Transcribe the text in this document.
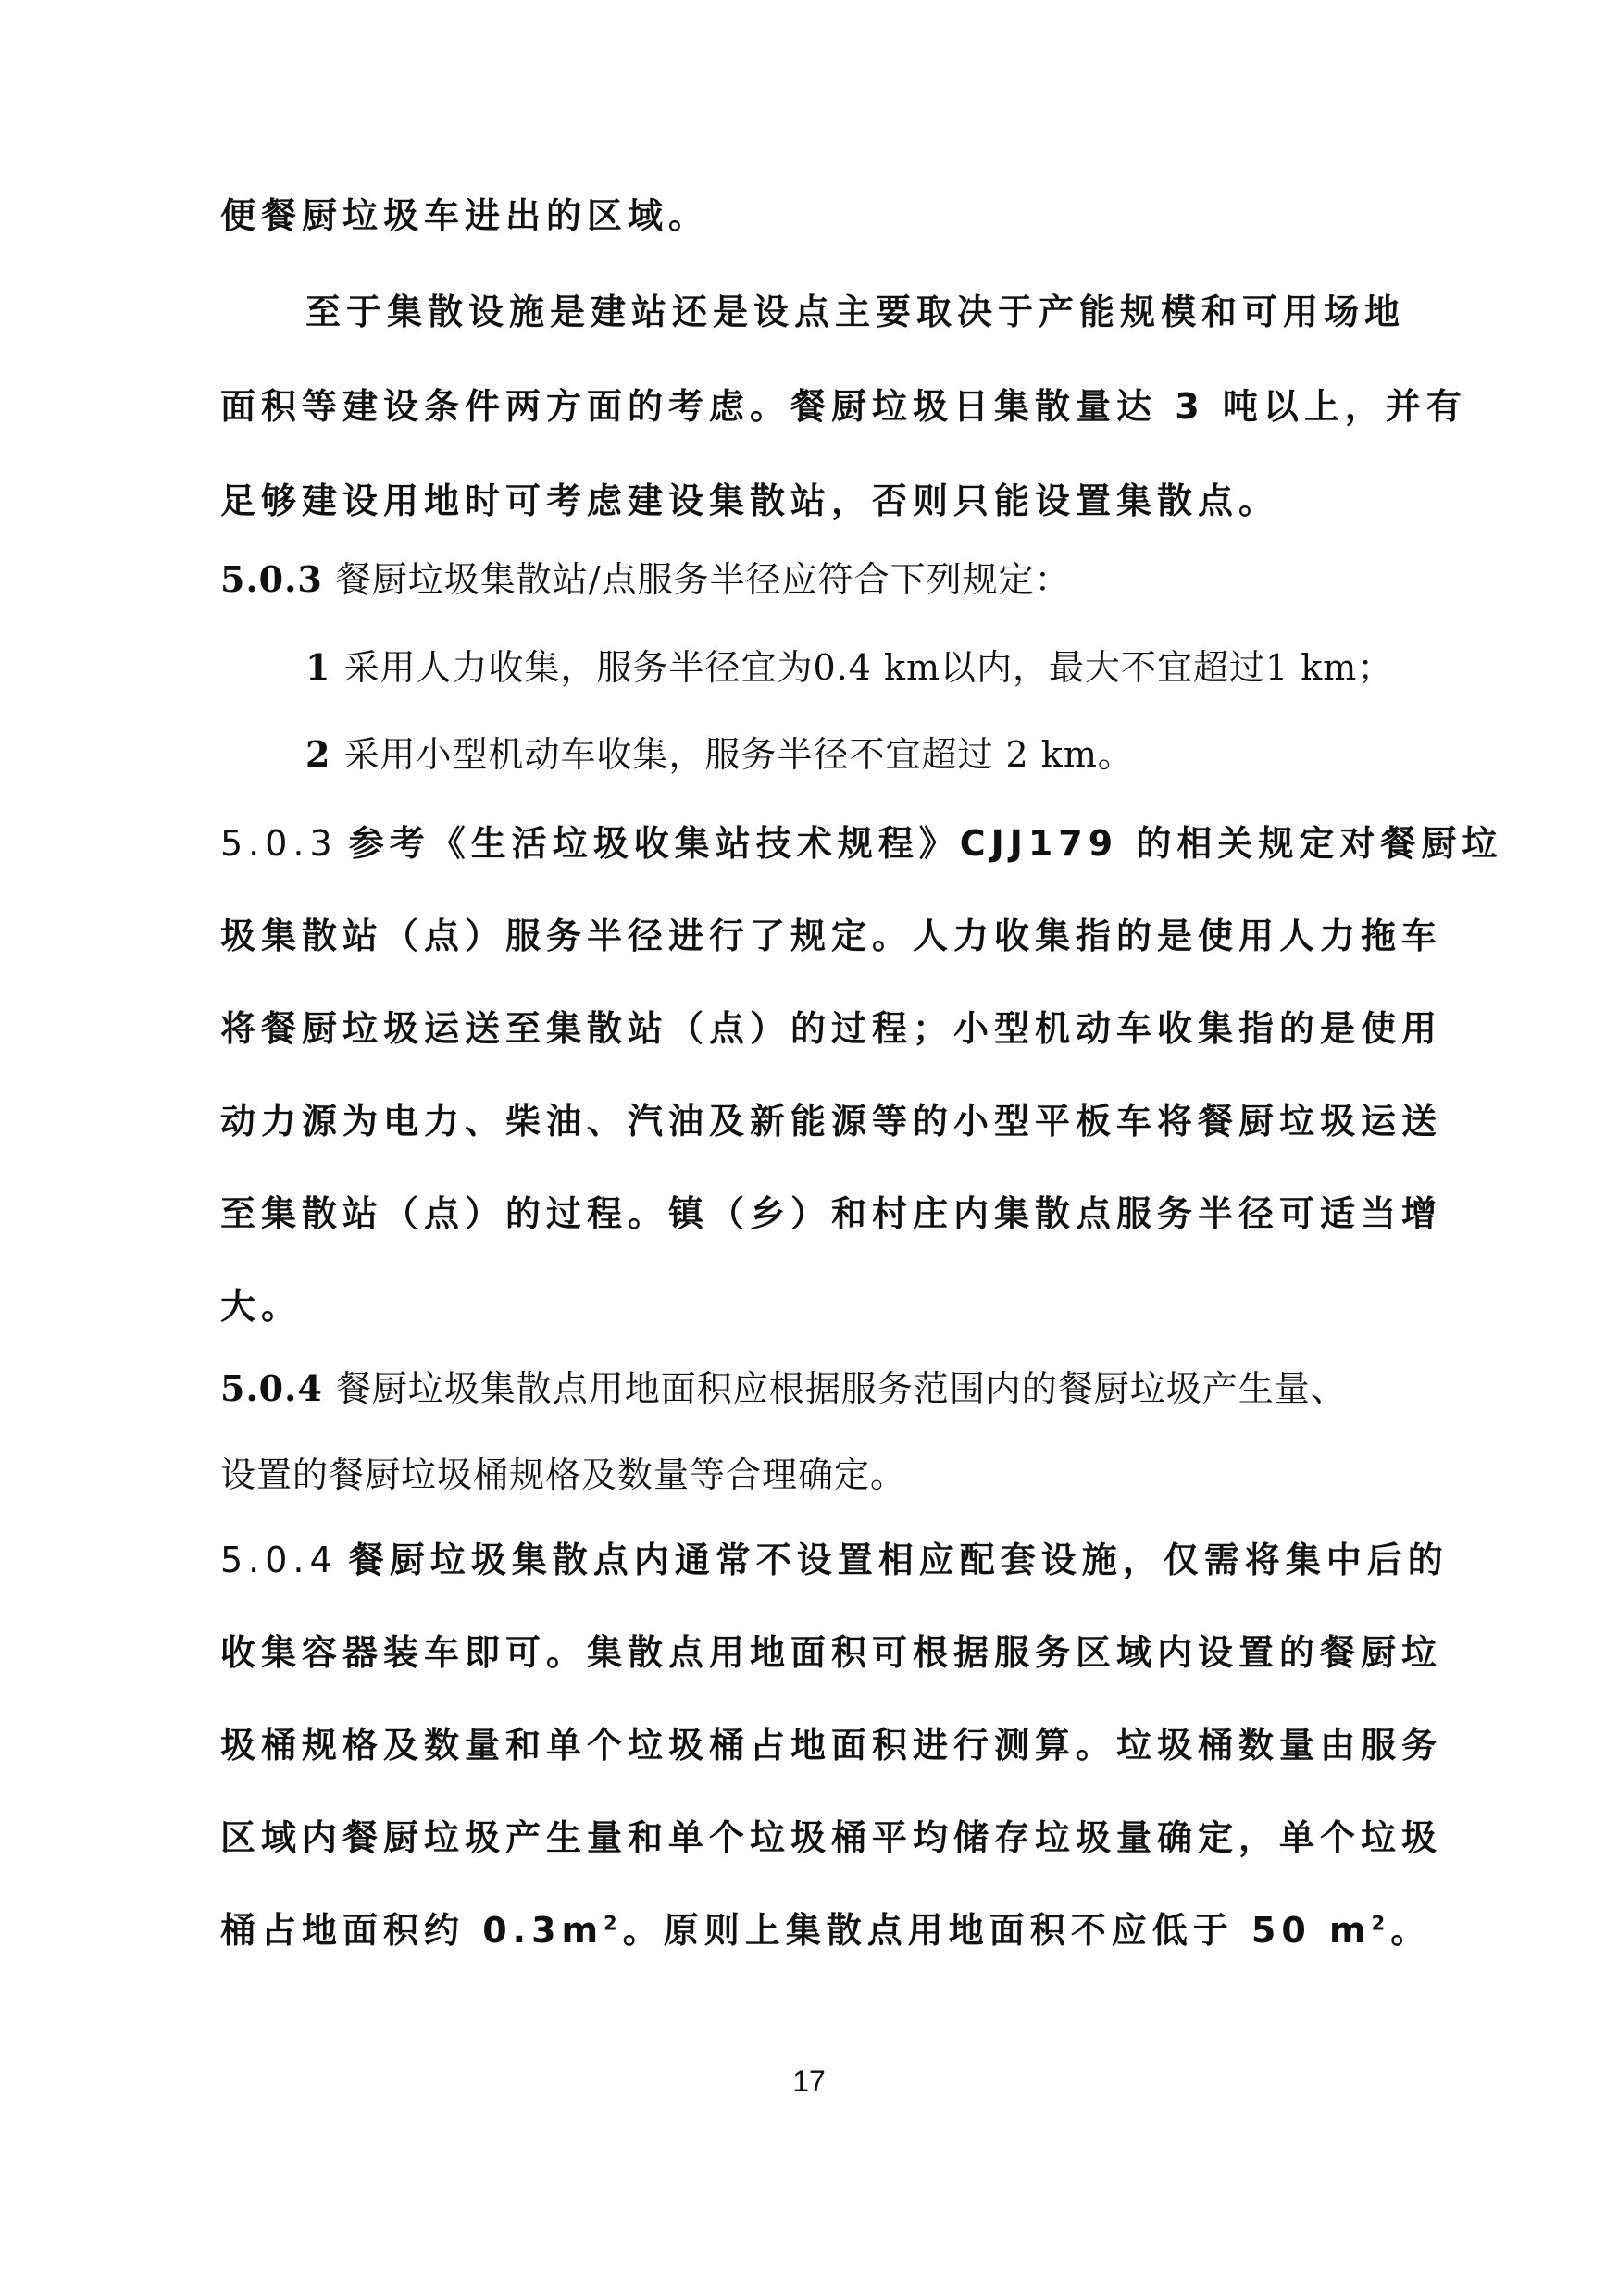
便餐厨垃圾车进出的区域。
至于集散设施是建站还是设点主要取决于产能规模和可用场地
面积等建设条件两方面的考虑。餐厨垃圾日集散量达 3 吨以上，并有
足够建设用地时可考虑建设集散站，否则只能设置集散点。
5.0.3 餐厨垃圾集散站/点服务半径应符合下列规定：
1 采用人力收集，服务半径宜为0.4 km以内，最大不宜超过1 km；
2 采用小型机动车收集，服务半径不宜超过 2 km。
5.0.3 参考《生活垃圾收集站技术规程》CJJ179 的相关规定对餐厨垃
圾集散站（点）服务半径进行了规定。人力收集指的是使用人力拖车
将餐厨垃圾运送至集散站（点）的过程；小型机动车收集指的是使用
动力源为电力、柴油、汽油及新能源等的小型平板车将餐厨垃圾运送
至集散站（点）的过程。镇（乡）和村庄内集散点服务半径可适当增
大。
5.0.4 餐厨垃圾集散点用地面积应根据服务范围内的餐厨垃圾产生量、
设置的餐厨垃圾桶规格及数量等合理确定。
5.0.4 餐厨垃圾集散点内通常不设置相应配套设施，仅需将集中后的
收集容器装车即可。集散点用地面积可根据服务区域内设置的餐厨垃
圾桶规格及数量和单个垃圾桶占地面积进行测算。垃圾桶数量由服务
区域内餐厨垃圾产生量和单个垃圾桶平均储存垃圾量确定，单个垃圾
桶占地面积约 $0.3m^2$。原则上集散点用地面积不应低于 50 $m^2$。
17
